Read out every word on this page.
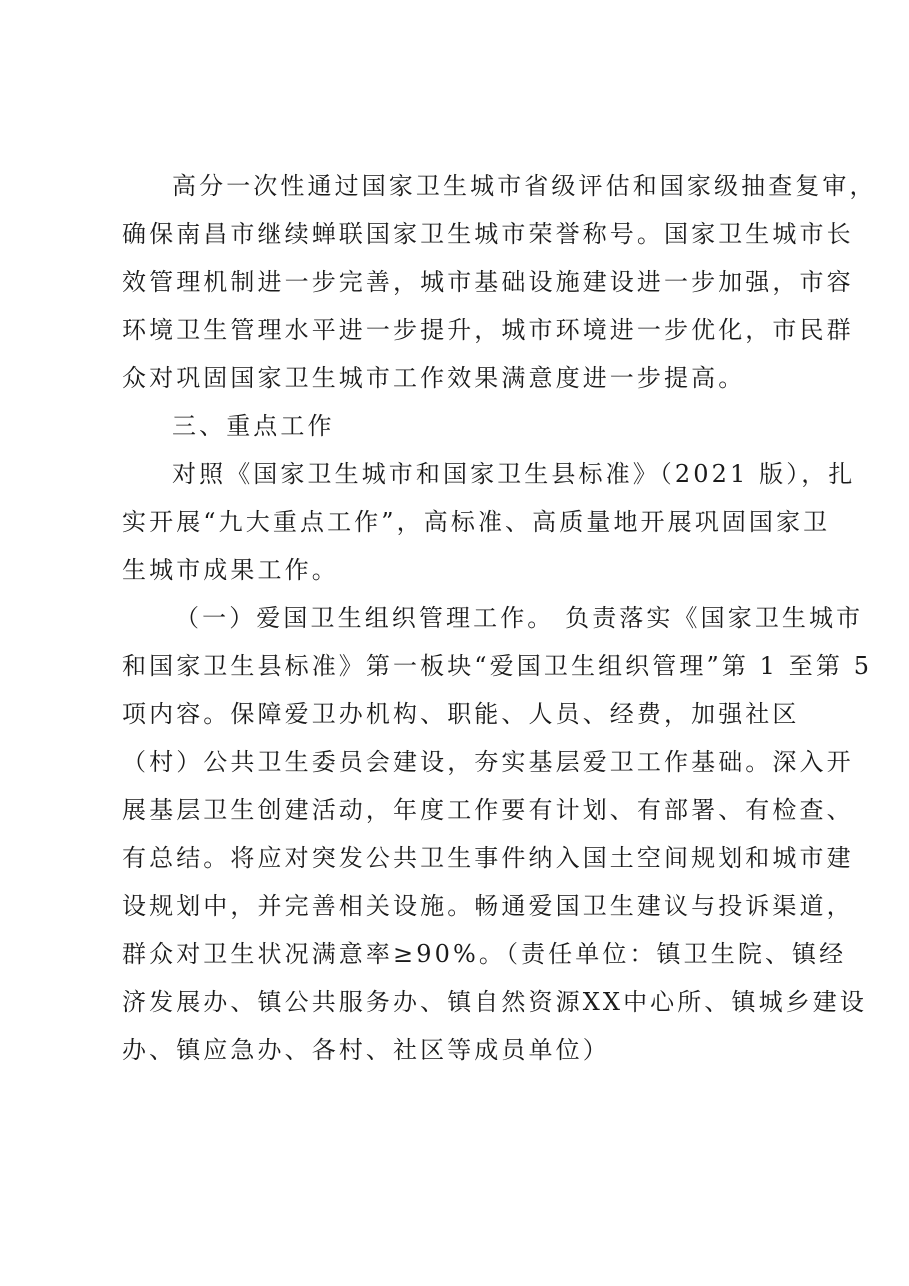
高分一次性通过国家卫生城市省级评估和国家级抽查复审，
确保南昌市继续蝉联国家卫生城市荣誉称号。国家卫生城市长
效管理机制进一步完善，城市基础设施建设进一步加强，市容
环境卫生管理水平进一步提升，城市环境进一步优化，市民群
众对巩固国家卫生城市工作效果满意度进一步提高。
三、重点工作
对照《国家卫生城市和国家卫生县标准》（2021 版），扎
实开展“九大重点工作”，高标准、高质量地开展巩固国家卫
生城市成果工作。
（一）爱国卫生组织管理工作。 负责落实《国家卫生城市
和国家卫生县标准》第一板块“爱国卫生组织管理”第 1 至第 5
项内容。保障爱卫办机构、职能、人员、经费，加强社区
（村）公共卫生委员会建设，夯实基层爱卫工作基础。深入开
展基层卫生创建活动，年度工作要有计划、有部署、有检查、
有总结。将应对突发公共卫生事件纳入国土空间规划和城市建
设规划中，并完善相关设施。畅通爱国卫生建议与投诉渠道，
群众对卫生状况满意率≥90%。（责任单位：镇卫生院、镇经
济发展办、镇公共服务办、镇自然资源XX中心所、镇城乡建设
办、镇应急办、各村、社区等成员单位）
